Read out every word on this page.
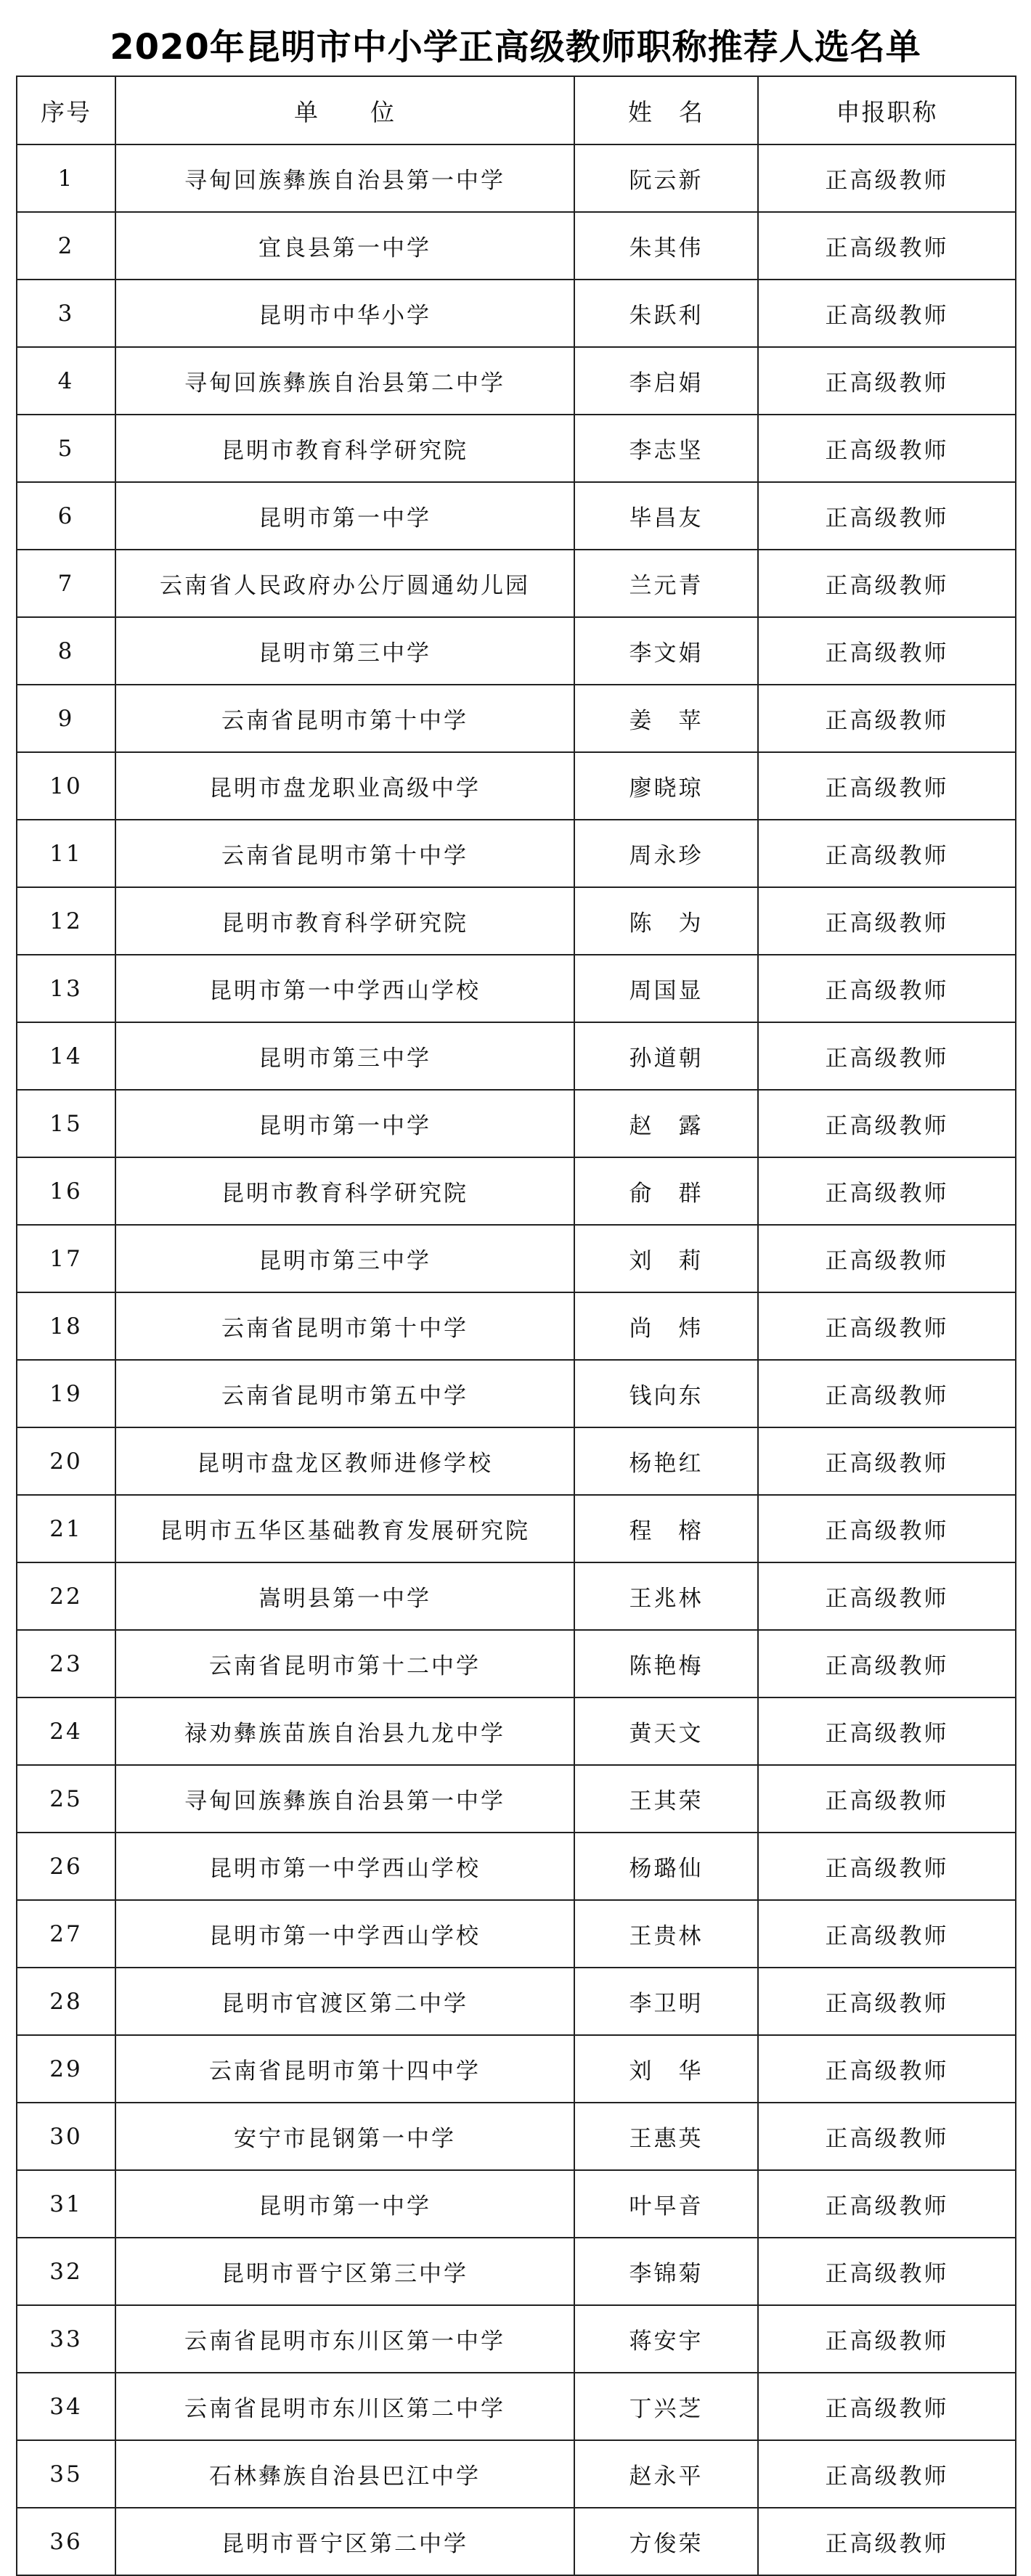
2020年昆明市中小学正高级教师职称推荐人选名单
序号	单　　位	姓　名	申报职称
1	寻甸回族彝族自治县第一中学	阮云新	正高级教师
2	宜良县第一中学	朱其伟	正高级教师
3	昆明市中华小学	朱跃利	正高级教师
4	寻甸回族彝族自治县第二中学	李启娟	正高级教师
5	昆明市教育科学研究院	李志坚	正高级教师
6	昆明市第一中学	毕昌友	正高级教师
7	云南省人民政府办公厅圆通幼儿园	兰元青	正高级教师
8	昆明市第三中学	李文娟	正高级教师
9	云南省昆明市第十中学	姜　苹	正高级教师
10	昆明市盘龙职业高级中学	廖晓琼	正高级教师
11	云南省昆明市第十中学	周永珍	正高级教师
12	昆明市教育科学研究院	陈　为	正高级教师
13	昆明市第一中学西山学校	周国显	正高级教师
14	昆明市第三中学	孙道朝	正高级教师
15	昆明市第一中学	赵　露	正高级教师
16	昆明市教育科学研究院	俞　群	正高级教师
17	昆明市第三中学	刘　莉	正高级教师
18	云南省昆明市第十中学	尚　炜	正高级教师
19	云南省昆明市第五中学	钱向东	正高级教师
20	昆明市盘龙区教师进修学校	杨艳红	正高级教师
21	昆明市五华区基础教育发展研究院	程　榕	正高级教师
22	嵩明县第一中学	王兆林	正高级教师
23	云南省昆明市第十二中学	陈艳梅	正高级教师
24	禄劝彝族苗族自治县九龙中学	黄天文	正高级教师
25	寻甸回族彝族自治县第一中学	王其荣	正高级教师
26	昆明市第一中学西山学校	杨璐仙	正高级教师
27	昆明市第一中学西山学校	王贵林	正高级教师
28	昆明市官渡区第二中学	李卫明	正高级教师
29	云南省昆明市第十四中学	刘　华	正高级教师
30	安宁市昆钢第一中学	王惠英	正高级教师
31	昆明市第一中学	叶早音	正高级教师
32	昆明市晋宁区第三中学	李锦菊	正高级教师
33	云南省昆明市东川区第一中学	蒋安宇	正高级教师
34	云南省昆明市东川区第二中学	丁兴芝	正高级教师
35	石林彝族自治县巴江中学	赵永平	正高级教师
36	昆明市晋宁区第二中学	方俊荣	正高级教师
